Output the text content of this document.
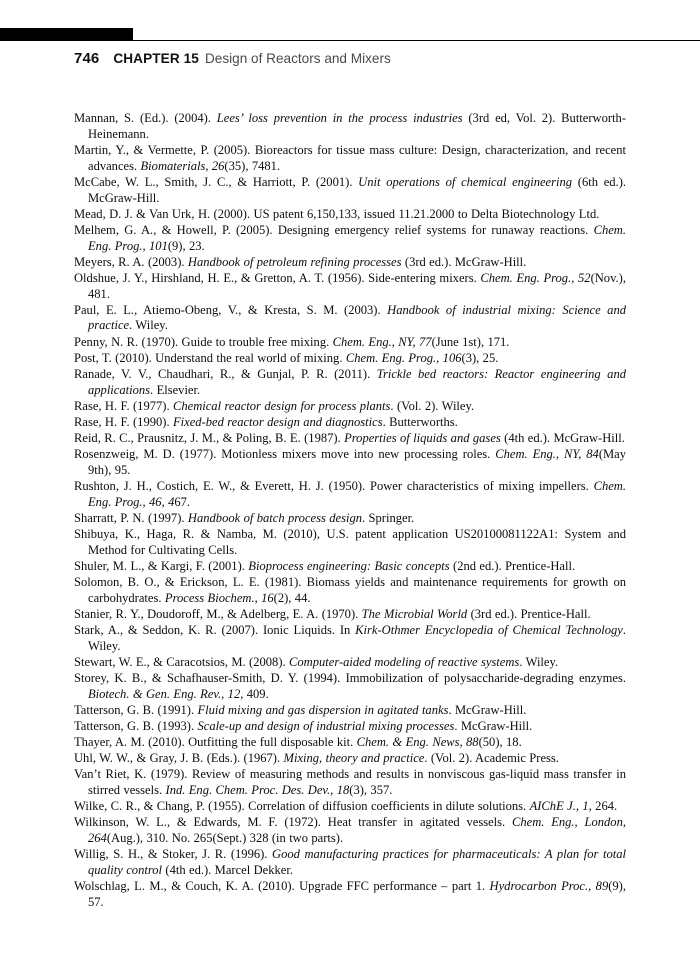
746 CHAPTER 15 Design of Reactors and Mixers

Mannan, S. (Ed.). (2004). Lees’ loss prevention in the process industries (3rd ed, Vol. 2). Butterworth-Heinemann.

Martin, Y., & Vermette, P. (2005). Bioreactors for tissue mass culture: Design, characterization, and recent advances. Biomaterials, 26(35), 7481.

McCabe, W. L., Smith, J. C., & Harriott, P. (2001). Unit operations of chemical engineering (6th ed.). McGraw-Hill.

Mead, D. J. & Van Urk, H. (2000). US patent 6,150,133, issued 11.21.2000 to Delta Biotechnology Ltd.

Melhem, G. A., & Howell, P. (2005). Designing emergency relief systems for runaway reactions. Chem. Eng. Prog., 101(9), 23.

Meyers, R. A. (2003). Handbook of petroleum refining processes (3rd ed.). McGraw-Hill.

Oldshue, J. Y., Hirshland, H. E., & Gretton, A. T. (1956). Side-entering mixers. Chem. Eng. Prog., 52(Nov.), 481.

Paul, E. L., Atiemo-Obeng, V., & Kresta, S. M. (2003). Handbook of industrial mixing: Science and practice. Wiley.

Penny, N. R. (1970). Guide to trouble free mixing. Chem. Eng., NY, 77(June 1st), 171.

Post, T. (2010). Understand the real world of mixing. Chem. Eng. Prog., 106(3), 25.

Ranade, V. V., Chaudhari, R., & Gunjal, P. R. (2011). Trickle bed reactors: Reactor engineering and applications. Elsevier.

Rase, H. F. (1977). Chemical reactor design for process plants. (Vol. 2). Wiley.

Rase, H. F. (1990). Fixed-bed reactor design and diagnostics. Butterworths.

Reid, R. C., Prausnitz, J. M., & Poling, B. E. (1987). Properties of liquids and gases (4th ed.). McGraw-Hill.

Rosenzweig, M. D. (1977). Motionless mixers move into new processing roles. Chem. Eng., NY, 84(May 9th), 95.

Rushton, J. H., Costich, E. W., & Everett, H. J. (1950). Power characteristics of mixing impellers. Chem. Eng. Prog., 46, 467.

Sharratt, P. N. (1997). Handbook of batch process design. Springer.

Shibuya, K., Haga, R. & Namba, M. (2010), U.S. patent application US20100081122A1: System and Method for Cultivating Cells.

Shuler, M. L., & Kargi, F. (2001). Bioprocess engineering: Basic concepts (2nd ed.). Prentice-Hall.

Solomon, B. O., & Erickson, L. E. (1981). Biomass yields and maintenance requirements for growth on carbohydrates. Process Biochem., 16(2), 44.

Stanier, R. Y., Doudoroff, M., & Adelberg, E. A. (1970). The Microbial World (3rd ed.). Prentice-Hall.

Stark, A., & Seddon, K. R. (2007). Ionic Liquids. In Kirk-Othmer Encyclopedia of Chemical Technology. Wiley.

Stewart, W. E., & Caracotsios, M. (2008). Computer-aided modeling of reactive systems. Wiley.

Storey, K. B., & Schafhauser-Smith, D. Y. (1994). Immobilization of polysaccharide-degrading enzymes. Biotech. & Gen. Eng. Rev., 12, 409.

Tatterson, G. B. (1991). Fluid mixing and gas dispersion in agitated tanks. McGraw-Hill.

Tatterson, G. B. (1993). Scale-up and design of industrial mixing processes. McGraw-Hill.

Thayer, A. M. (2010). Outfitting the full disposable kit. Chem. & Eng. News, 88(50), 18.

Uhl, W. W., & Gray, J. B. (Eds.). (1967). Mixing, theory and practice. (Vol. 2). Academic Press.

Van’t Riet, K. (1979). Review of measuring methods and results in nonviscous gas-liquid mass transfer in stirred vessels. Ind. Eng. Chem. Proc. Des. Dev., 18(3), 357.

Wilke, C. R., & Chang, P. (1955). Correlation of diffusion coefficients in dilute solutions. AIChE J., 1, 264.

Wilkinson, W. L., & Edwards, M. F. (1972). Heat transfer in agitated vessels. Chem. Eng., London, 264(Aug.), 310. No. 265(Sept.) 328 (in two parts).

Willig, S. H., & Stoker, J. R. (1996). Good manufacturing practices for pharmaceuticals: A plan for total quality control (4th ed.). Marcel Dekker.

Wolschlag, L. M., & Couch, K. A. (2010). Upgrade FFC performance – part 1. Hydrocarbon Proc., 89(9), 57.
